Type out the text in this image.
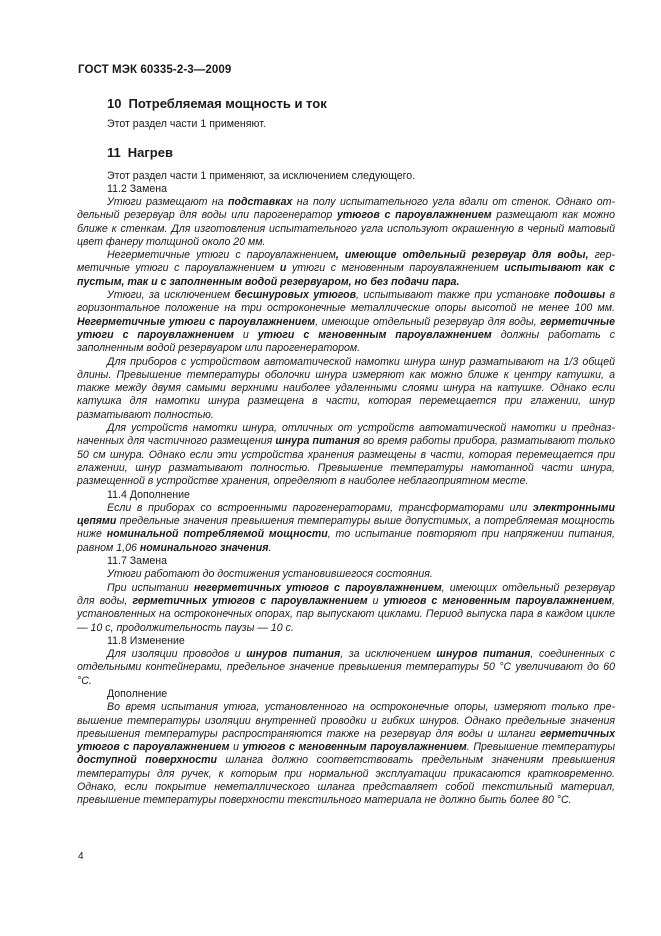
ГОСТ МЭК 60335-2-3—2009
10 Потребляемая мощность и ток

Этот раздел части 1 применяют.

11 Нагрев

Этот раздел части 1 применяют, за исключением следующего.

11.2 Замена

Утюги размещают на подставках на полу испытательного угла вдали от стенок. Однако отдельный резервуар для воды или парогенератор утюгов с пароувлажнением размещают как можно ближе к стенкам. Для изготовления испытательного угла используют окрашенную в черный матовый цвет фанеру толщиной около 20 мм.

Негерметичные утюги с пароувлажнением, имеющие отдельный резервуар для воды, герметичные утюги с пароувлажнением и утюги с мгновенным пароувлажнением испытывают как с пустым, так и с заполненным водой резервуаром, но без подачи пара.

Утюги, за исключением бесшнуровых утюгов, испытывают также при установке подошвы в горизонтальное положение на три остроконечные металлические опоры высотой не менее 100 мм. Негерметичные утюги с пароувлажнением, имеющие отдельный резервуар для воды, герметичные утюги с пароувлажнением и утюги с мгновенным пароувлажнением должны работать с заполненным водой резервуаром или парогенератором.

Для приборов с устройством автоматической намотки шнура шнур разматывают на 1/3 общей длины. Превышение температуры оболочки шнура измеряют как можно ближе к центру катушки, а также между двумя самыми верхними наиболее удаленными слоями шнура на катушке. Однако если катушка для намотки шнура размещена в части, которая перемещается при глажении, шнур разматывают полностью.

Для устройств намотки шнура, отличных от устройств автоматической намотки и предназначенных для частичного размещения шнура питания во время работы прибора, разматывают только 50 см шнура. Однако если эти устройства хранения размещены в части, которая перемещается при глажении, шнур разматывают полностью. Превышение температуры намотанной части шнура, размещенной в устройстве хранения, определяют в наиболее неблагоприятном месте.

11.4 Дополнение

Если в приборах со встроенными парогенераторами, трансформаторами или электронными цепями предельные значения превышения температуры выше допустимых, а потребляемая мощность ниже номинальной потребляемой мощности, то испытание повторяют при напряжении питания, равном 1,06 номинального значения.

11.7 Замена

Утюги работают до достижения установившегося состояния.

При испытании негерметичных утюгов с пароувлажнением, имеющих отдельный резервуар для воды, герметичных утюгов с пароувлажнением и утюгов с мгновенным пароувлажнением, установленных на остроконечных опорах, пар выпускают циклами. Период выпуска пара в каждом цикле — 10 с, продолжительность паузы — 10 с.

11.8 Изменение

Для изоляции проводов и шнуров питания, за исключением шнуров питания, соединенных с отдельными контейнерами, предельное значение превышения температуры 50 °С увеличивают до 60 °С.

Дополнение

Во время испытания утюга, установленного на остроконечные опоры, измеряют только превышение температуры изоляции внутренней проводки и гибких шнуров. Однако предельные значения превышения температуры распространяются также на резервуар для воды и шланги герметичных утюгов с пароувлажнением и утюгов с мгновенным пароувлажнением. Превышение температуры доступной поверхности шланга должно соответствовать предельным значениям превышения температуры для ручек, к которым при нормальной эксплуатации прикасаются кратковременно. Однако, если покрытие неметаллического шланга представляет собой текстильный материал, превышение температуры поверхности текстильного материала не должно быть более 80 °С.

4
